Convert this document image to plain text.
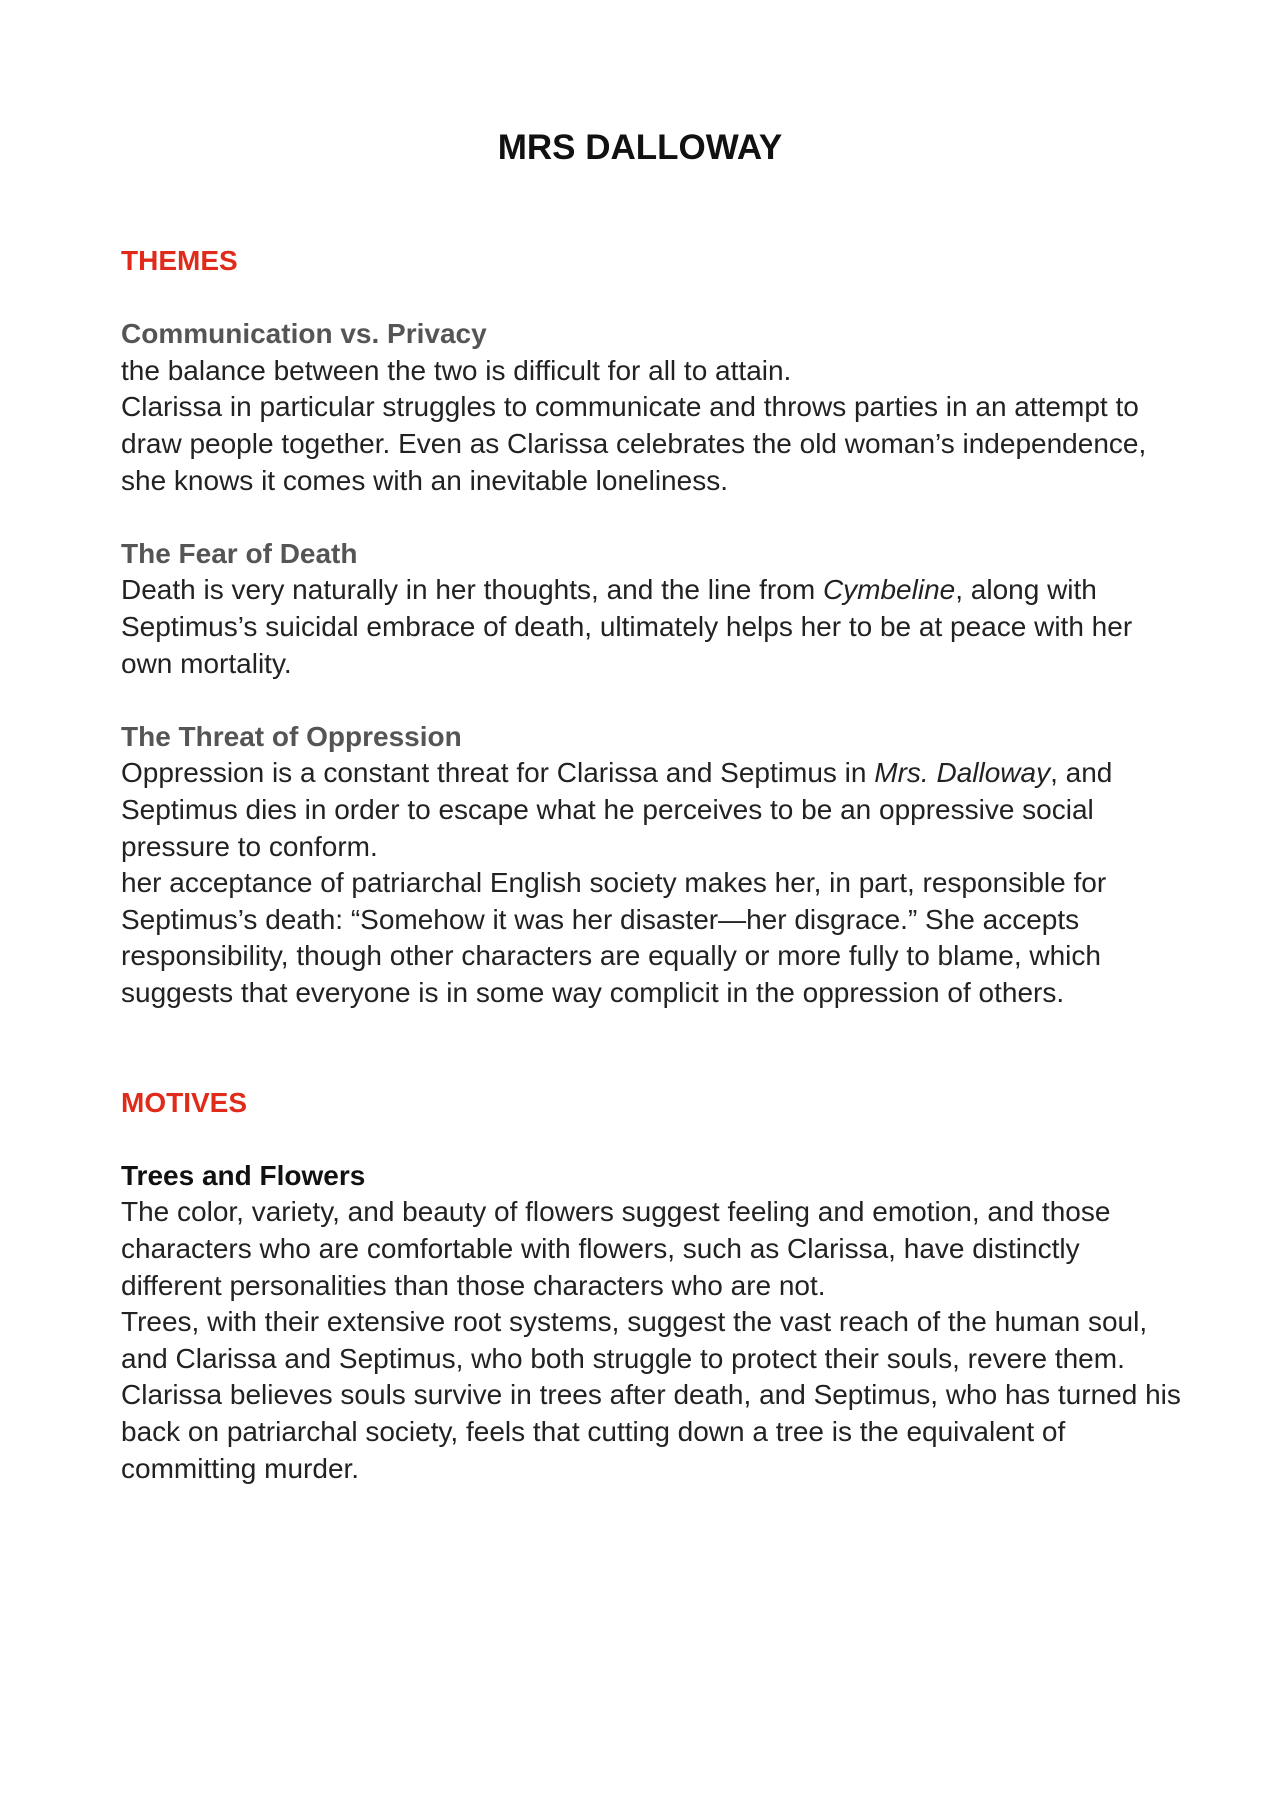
MRS DALLOWAY
THEMES

Communication vs. Privacy

the balance between the two is difficult for all to attain.

Clarissa in particular struggles to communicate and throws parties in an attempt to draw people together. Even as Clarissa celebrates the old woman’s independence, she knows it comes with an inevitable loneliness.

The Fear of Death

Death is very naturally in her thoughts, and the line from Cymbeline, along with Septimus’s suicidal embrace of death, ultimately helps her to be at peace with her own mortality.

The Threat of Oppression

Oppression is a constant threat for Clarissa and Septimus in Mrs. Dalloway, and Septimus dies in order to escape what he perceives to be an oppressive social pressure to conform.

her acceptance of patriarchal English society makes her, in part, responsible for Septimus’s death: “Somehow it was her disaster—her disgrace.” She accepts responsibility, though other characters are equally or more fully to blame, which suggests that everyone is in some way complicit in the oppression of others.

MOTIVES

Trees and Flowers

The color, variety, and beauty of flowers suggest feeling and emotion, and those characters who are comfortable with flowers, such as Clarissa, have distinctly different personalities than those characters who are not.

Trees, with their extensive root systems, suggest the vast reach of the human soul, and Clarissa and Septimus, who both struggle to protect their souls, revere them.

Clarissa believes souls survive in trees after death, and Septimus, who has turned his back on patriarchal society, feels that cutting down a tree is the equivalent of committing murder.
